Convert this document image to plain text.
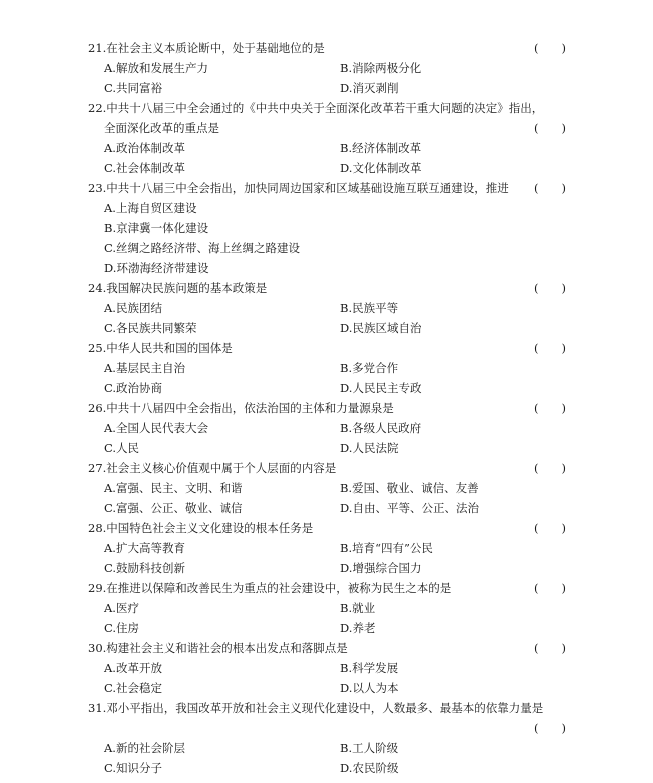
21.在社会主义本质论断中，处于基础地位的是	(　　)
A.解放和发展生产力	B.消除两极分化
C.共同富裕	D.消灭剥削
22.中共十八届三中全会通过的《中共中央关于全面深化改革若干重大问题的决定》指出，
全面深化改革的重点是	(　　)
A.政治体制改革	B.经济体制改革
C.社会体制改革	D.文化体制改革
23.中共十八届三中全会指出，加快同周边国家和区域基础设施互联互通建设，推进 (　　)
A.上海自贸区建设
B.京津冀一体化建设
C.丝绸之路经济带、海上丝绸之路建设
D.环渤海经济带建设
24.我国解决民族问题的基本政策是	(　　)
A.民族团结	B.民族平等
C.各民族共同繁荣	D.民族区域自治
25.中华人民共和国的国体是	(　　)
A.基层民主自治	B.多党合作
C.政治协商	D.人民民主专政
26.中共十八届四中全会指出，依法治国的主体和力量源泉是	(　　)
A.全国人民代表大会	B.各级人民政府
C.人民	D.人民法院
27.社会主义核心价值观中属于个人层面的内容是	(　　)
A.富强、民主、文明、和谐	B.爱国、敬业、诚信、友善
C.富强、公正、敬业、诚信	D.自由、平等、公正、法治
28.中国特色社会主义文化建设的根本任务是	(　　)
A.扩大高等教育	B.培育“四有”公民
C.鼓励科技创新	D.增强综合国力
29.在推进以保障和改善民生为重点的社会建设中，被称为民生之本的是	(　　)
A.医疗	B.就业
C.住房	D.养老
30.构建社会主义和谐社会的根本出发点和落脚点是	(　　)
A.改革开放	B.科学发展
C.社会稳定	D.以人为本
31.邓小平指出，我国改革开放和社会主义现代化建设中，人数最多、最基本的依靠力量是
(　　)
A.新的社会阶层	B.工人阶级
C.知识分子	D.农民阶级
